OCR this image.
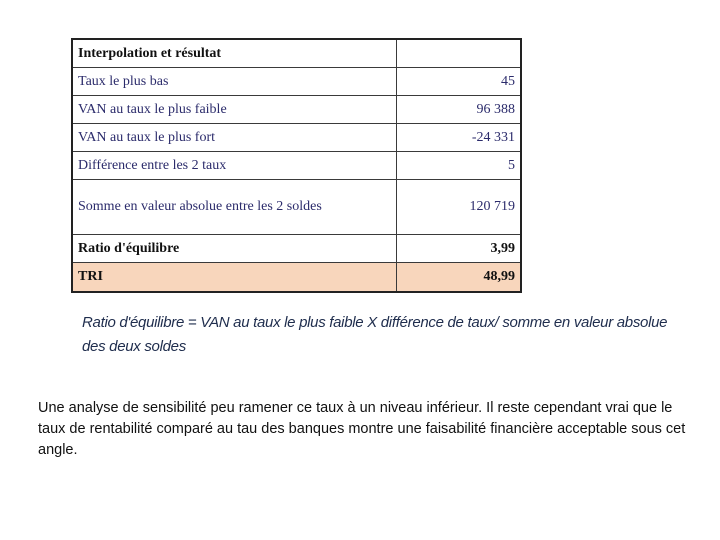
Interpolation et résultat	
Taux le plus bas	45
VAN au taux le plus faible	96 388
VAN au taux le plus fort	-24 331
Différence entre les 2 taux	5
Somme en valeur absolue entre les 2 soldes	120 719
Ratio d'équilibre	3,99
TRI	48,99
Ratio d'équilibre = VAN au taux le plus faible X différence de taux/ somme en valeur absolue
des deux soldes
Une analyse de sensibilité peu ramener ce taux à un niveau inférieur. Il reste cependant vrai que le taux de rentabilité comparé au tau des banques montre une faisabilité financière acceptable sous cet angle.
